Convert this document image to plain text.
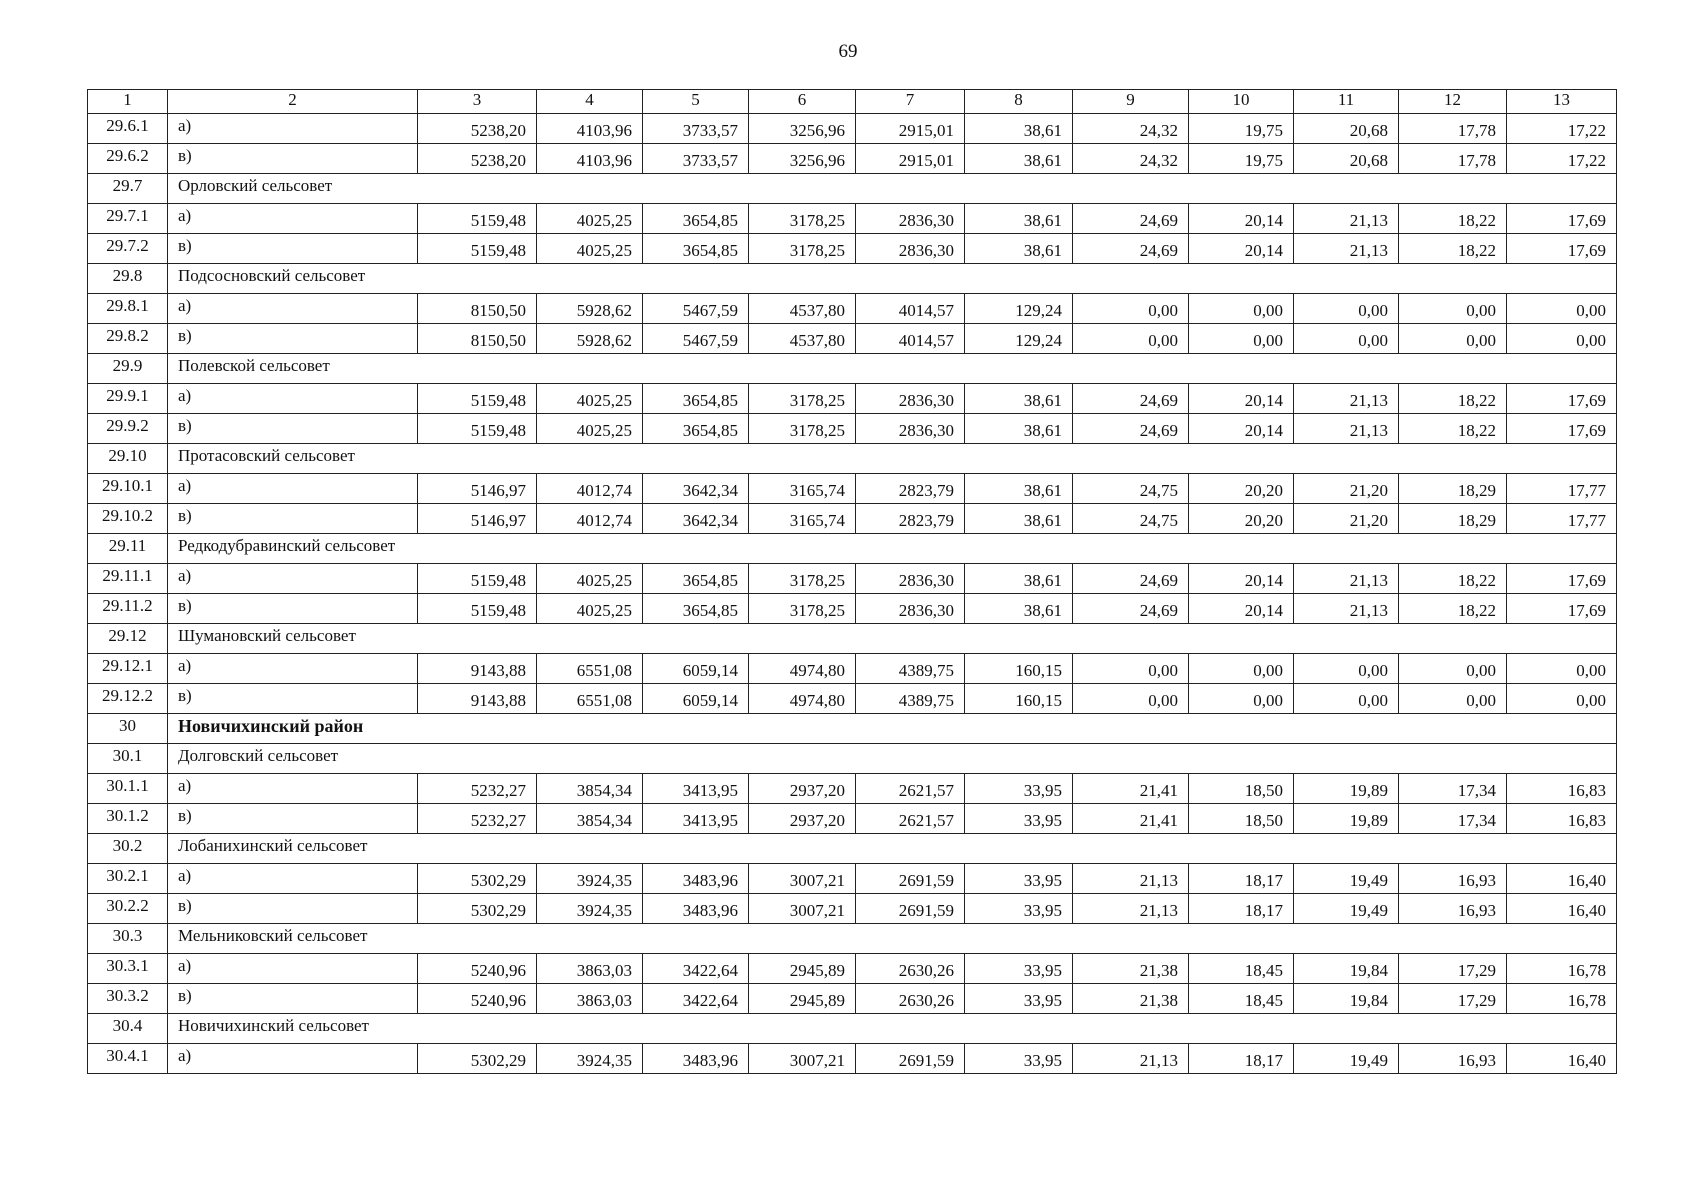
69
1	2	3	4	5	6	7	8	9	10	11	12	13
29.6.1	а)	5238,20	4103,96	3733,57	3256,96	2915,01	38,61	24,32	19,75	20,68	17,78	17,22
29.6.2	в)	5238,20	4103,96	3733,57	3256,96	2915,01	38,61	24,32	19,75	20,68	17,78	17,22
29.7	Орловский сельсовет											
29.7.1	а)	5159,48	4025,25	3654,85	3178,25	2836,30	38,61	24,69	20,14	21,13	18,22	17,69
29.7.2	в)	5159,48	4025,25	3654,85	3178,25	2836,30	38,61	24,69	20,14	21,13	18,22	17,69
29.8	Подсосновский сельсовет											
29.8.1	а)	8150,50	5928,62	5467,59	4537,80	4014,57	129,24	0,00	0,00	0,00	0,00	0,00
29.8.2	в)	8150,50	5928,62	5467,59	4537,80	4014,57	129,24	0,00	0,00	0,00	0,00	0,00
29.9	Полевской сельсовет											
29.9.1	а)	5159,48	4025,25	3654,85	3178,25	2836,30	38,61	24,69	20,14	21,13	18,22	17,69
29.9.2	в)	5159,48	4025,25	3654,85	3178,25	2836,30	38,61	24,69	20,14	21,13	18,22	17,69
29.10	Протасовский сельсовет											
29.10.1	а)	5146,97	4012,74	3642,34	3165,74	2823,79	38,61	24,75	20,20	21,20	18,29	17,77
29.10.2	в)	5146,97	4012,74	3642,34	3165,74	2823,79	38,61	24,75	20,20	21,20	18,29	17,77
29.11	Редкодубравинский сельсовет											
29.11.1	а)	5159,48	4025,25	3654,85	3178,25	2836,30	38,61	24,69	20,14	21,13	18,22	17,69
29.11.2	в)	5159,48	4025,25	3654,85	3178,25	2836,30	38,61	24,69	20,14	21,13	18,22	17,69
29.12	Шумановский сельсовет											
29.12.1	а)	9143,88	6551,08	6059,14	4974,80	4389,75	160,15	0,00	0,00	0,00	0,00	0,00
29.12.2	в)	9143,88	6551,08	6059,14	4974,80	4389,75	160,15	0,00	0,00	0,00	0,00	0,00
30	Новичихинский район											
30.1	Долговский сельсовет											
30.1.1	а)	5232,27	3854,34	3413,95	2937,20	2621,57	33,95	21,41	18,50	19,89	17,34	16,83
30.1.2	в)	5232,27	3854,34	3413,95	2937,20	2621,57	33,95	21,41	18,50	19,89	17,34	16,83
30.2	Лобанихинский сельсовет											
30.2.1	а)	5302,29	3924,35	3483,96	3007,21	2691,59	33,95	21,13	18,17	19,49	16,93	16,40
30.2.2	в)	5302,29	3924,35	3483,96	3007,21	2691,59	33,95	21,13	18,17	19,49	16,93	16,40
30.3	Мельниковский сельсовет											
30.3.1	а)	5240,96	3863,03	3422,64	2945,89	2630,26	33,95	21,38	18,45	19,84	17,29	16,78
30.3.2	в)	5240,96	3863,03	3422,64	2945,89	2630,26	33,95	21,38	18,45	19,84	17,29	16,78
30.4	Новичихинский сельсовет											
30.4.1	а)	5302,29	3924,35	3483,96	3007,21	2691,59	33,95	21,13	18,17	19,49	16,93	16,40
